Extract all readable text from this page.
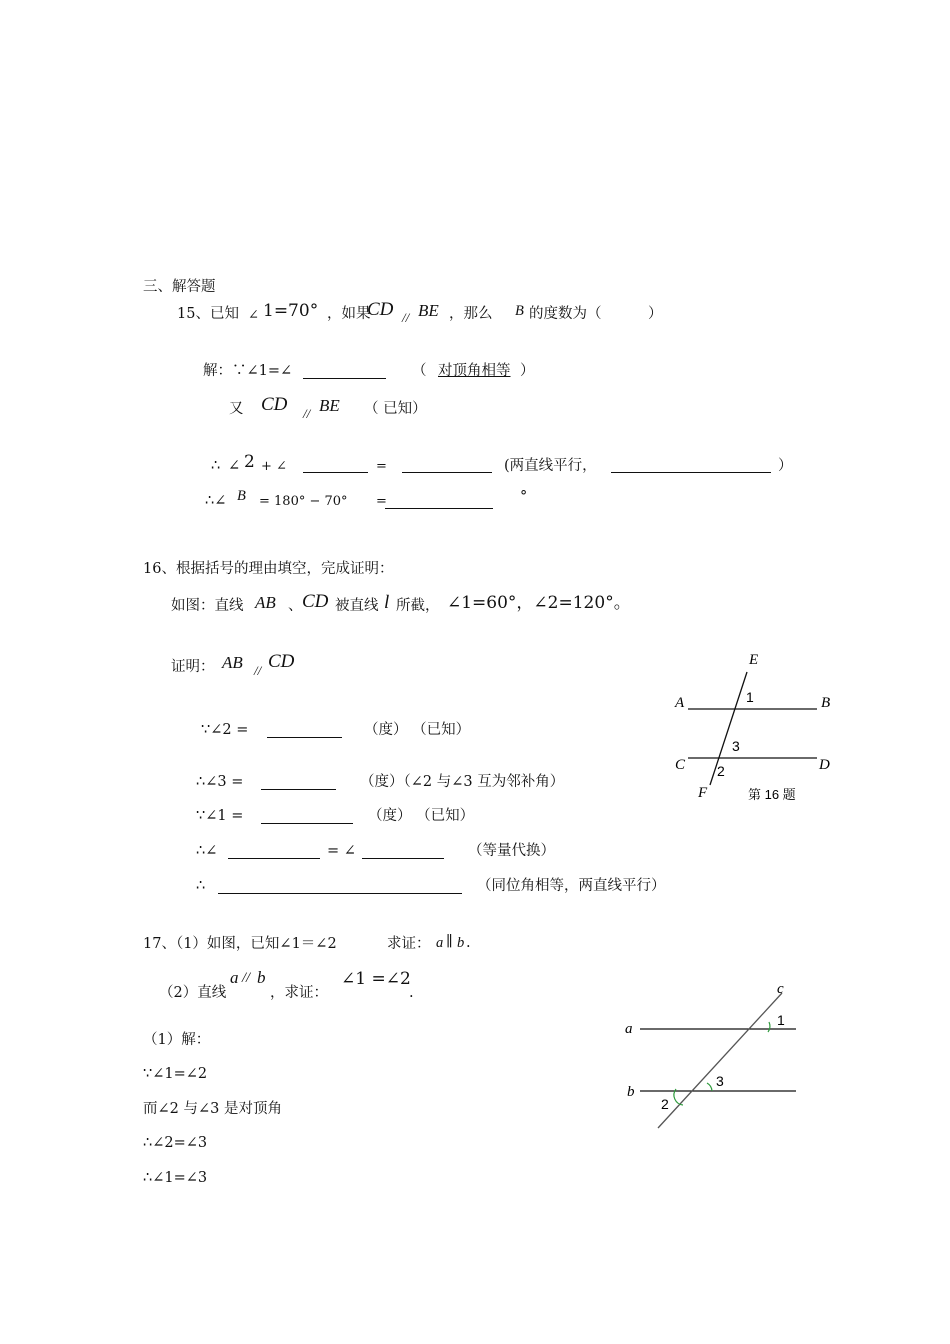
三、解答题
15、已知 ∠ 1=70° ，如果
CD // BE ，那么 B 的度数为（	）
解：∵∠1=∠	（ 对顶角相等 ）
又 CD // BE （ 已知）
∴ ∠ 2 + ∠	=	(两直线平行，	）
∴∠ B = 180° − 70° =	°
16、根据括号的理由填空，完成证明：
如图：直线 AB 、 CD 被直线 l 所截， ∠1=60°，∠2=120°。
证明： AB // CD
∵∠2 =	（度） （已知）
∴∠3 =	（度）（∠2 与∠3 互为邻补角）
∵∠1 =	（度） （已知）
∴∠	= ∠	（等量代换）
∴	（同位角相等，两直线平行）
E
A	B
1
3
C	D
2
F	第 16 题
17、（1）如图，已知∠1＝∠2	求证： a ∥ b .
（2）直线
a // b
，求证：
∠1 =∠2
.
（1）解：
∵∠1=∠2
而∠2 与∠3 是对顶角
∴∠2=∠3
∴∠1=∠3
c
a
1
b
3
2
